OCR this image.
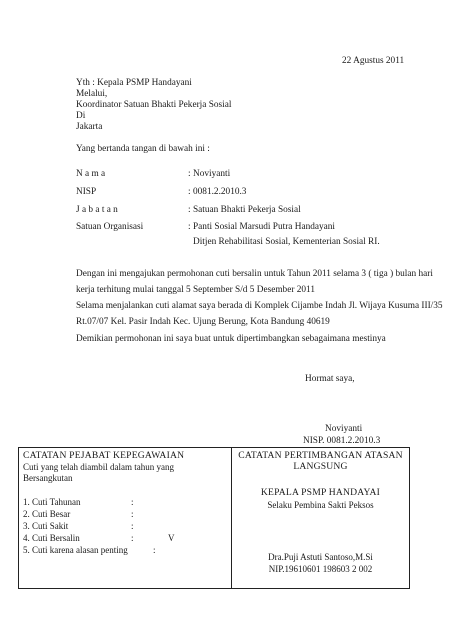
22 Agustus 2011
Yth : Kepala PSMP Handayani
Melalui,
Koordinator Satuan Bhakti Pekerja Sosial
Di
Jakarta
Yang bertanda tangan di bawah ini :
N a m a	: Noviyanti
NISP	: 0081.2.2010.3
J a b a t a n	: Satuan Bhakti Pekerja Sosial
Satuan Organisasi	: Panti Sosial Marsudi Putra Handayani
Ditjen Rehabilitasi Sosial, Kementerian Sosial RI.
Dengan ini mengajukan permohonan cuti bersalin untuk Tahun 2011 selama 3 ( tiga ) bulan hari
kerja terhitung mulai tanggal 5 September S/d 5 Desember 2011
Selama menjalankan cuti alamat saya berada di Komplek Cijambe Indah Jl. Wijaya Kusuma III/35
Rt.07/07 Kel. Pasir Indah Kec. Ujung Berung, Kota Bandung 40619
Demikian permohonan ini saya buat untuk dipertimbangkan sebagaimana mestinya
Hormat saya,
Noviyanti
NISP. 0081.2.2010.3
CATATAN PEJABAT KEPEGAWAIAN
Cuti yang telah diambil dalam tahun yang
Bersangkutan
1. Cuti Tahunan	:
2. Cuti Besar	:
3. Cuti Sakit	:
4. Cuti Bersalin	:	V
5. Cuti karena alasan penting	:
CATATAN PERTIMBANGAN ATASAN
LANGSUNG
KEPALA PSMP HANDAYAI
Selaku Pembina Sakti Peksos
Dra.Puji Astuti Santoso,M.Si
NIP.19610601 198603 2 002
